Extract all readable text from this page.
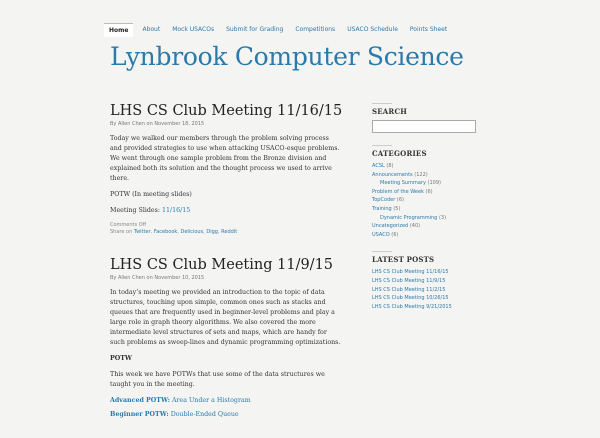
Home	About Mock USACOs Submit for Grading Competitions USACO Schedule Points Sheet
Lynbrook Computer Science
LHS CS Club Meeting 11/16/15
By Allen Chen on November 18, 2015

Today we walked our members through the problem solving process and provided strategies to use when attacking USACO-esque problems. We went through one sample problem from the Bronze division and explained both its solution and the thought process we used to arrive there.

POTW (In meeting slides)

Meeting Slides: 11/16/15

Comments Off
Share on Twitter, Facebook, Delicious, Digg, Reddit
LHS CS Club Meeting 11/9/15
By Allen Chen on November 10, 2015

In today’s meeting we provided an introduction to the topic of data structures, touching upon simple, common ones such as stacks and queues that are frequently used in beginner-level problems and play a large role in graph theory algorithms. We also covered the more intermediate level structures of sets and maps, which are handy for such problems as sweep-lines and dynamic programming optimizations.

POTW

This week we have POTWs that use some of the data structures we taught you in the meeting.

Advanced POTW: Area Under a Histogram

Beginner POTW: Double-Ended Queue

SEARCH
CATEGORIES
ACSL (8)
Announcements (122)
Meeting Summary (109)
Problem of the Week (6)
TopCoder (6)
Training (5)
Dynamic Programming (3)
Uncategorized (40)
USACO (6)
LATEST POSTS
LHS CS Club Meeting 11/16/15
LHS CS Club Meeting 11/9/15
LHS CS Club Meeting 11/2/15
LHS CS Club Meeting 10/26/15
LHS CS Club Meeting 9/21/2015
